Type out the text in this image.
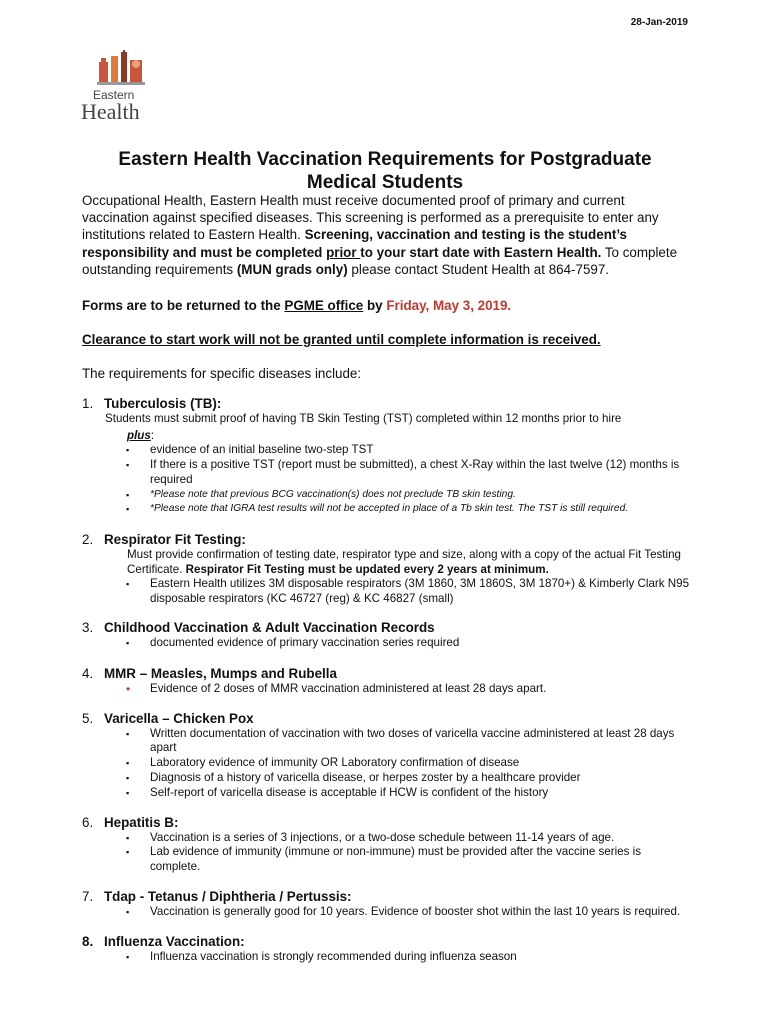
28-Jan-2019
Eastern
Health
Eastern Health Vaccination Requirements for Postgraduate
Medical Students

Occupational Health, Eastern Health must receive documented proof of primary and current vaccination against specified diseases. This screening is performed as a prerequisite to enter any institutions related to Eastern Health. Screening, vaccination and testing is the student’s responsibility and must be completed prior to your start date with Eastern Health. To complete outstanding requirements (MUN grads only) please contact Student Health at 864-7597.

Forms are to be returned to the PGME office by Friday, May 3, 2019.

Clearance to start work will not be granted until complete information is received.

The requirements for specific diseases include:

1. Tuberculosis (TB):
Students must submit proof of having TB Skin Testing (TST) completed within 12 months prior to hire
plus:
▪ evidence of an initial baseline two-step TST
▪ If there is a positive TST (report must be submitted), a chest X-Ray within the last twelve (12) months is required
▪ *Please note that previous BCG vaccination(s) does not preclude TB skin testing.
▪ *Please note that IGRA test results will not be accepted in place of a Tb skin test. The TST is still required.
2. Respirator Fit Testing:
Must provide confirmation of testing date, respirator type and size, along with a copy of the actual Fit Testing Certificate. Respirator Fit Testing must be updated every 2 years at minimum.
▪ Eastern Health utilizes 3M disposable respirators (3M 1860, 3M 1860S, 3M 1870+) & Kimberly Clark N95 disposable respirators (KC 46727 (reg) & KC 46827 (small)
3. Childhood Vaccination & Adult Vaccination Records
▪ documented evidence of primary vaccination series required
4. MMR – Measles, Mumps and Rubella
• Evidence of 2 doses of MMR vaccination administered at least 28 days apart.
5. Varicella – Chicken Pox
▪ Written documentation of vaccination with two doses of varicella vaccine administered at least 28 days apart
▪ Laboratory evidence of immunity OR Laboratory confirmation of disease
▪ Diagnosis of a history of varicella disease, or herpes zoster by a healthcare provider
▪ Self-report of varicella disease is acceptable if HCW is confident of the history
6. Hepatitis B:
▪ Vaccination is a series of 3 injections, or a two-dose schedule between 11-14 years of age.
▪ Lab evidence of immunity (immune or non-immune) must be provided after the vaccine series is complete.
7. Tdap - Tetanus / Diphtheria / Pertussis:
▪ Vaccination is generally good for 10 years. Evidence of booster shot within the last 10 years is required.
8. Influenza Vaccination:
▪ Influenza vaccination is strongly recommended during influenza season
